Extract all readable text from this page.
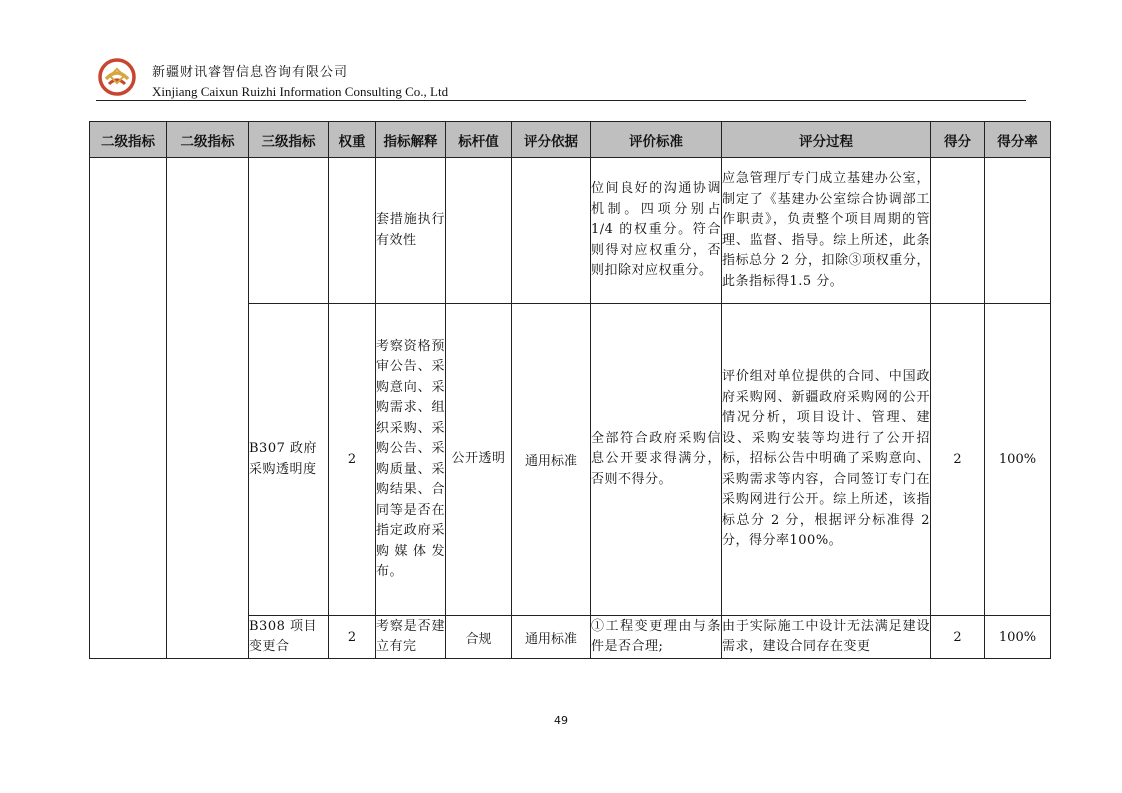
新疆财讯睿智信息咨询有限公司
Xinjiang Caixun Ruizhi Information Consulting Co., Ltd
二级指标	二级指标	三级指标	权重	指标解释	标杆值	评分依据	评价标准	评分过程	得分	得分率

				套措施执行有效性			位间良好的沟通协调机制。四项分别占 1/4 的权重分。符合则得对应权重分，否则扣除对应权重分。	应急管理厅专门成立基建办公室，制定了《基建办公室综合协调部工作职责》，负责整个项目周期的管理、监督、指导。综上所述，此条指标总分 2 分，扣除③项权重分，此条指标得1.5 分。		

		B307 政府采购透明度	2	考察资格预审公告、采购意向、采购需求、组织采购、采购公告、采购质量、采购结果、合同等是否在指定政府采购媒体发布。	公开透明	通用标准	全部符合政府采购信息公开要求得满分，否则不得分。	评价组对单位提供的合同、中国政府采购网、新疆政府采购网的公开情况分析，项目设计、管理、建设、采购安装等均进行了公开招标，招标公告中明确了采购意向、采购需求等内容，合同签订专门在采购网进行公开。综上所述，该指标总分 2 分，根据评分标准得 2 分，得分率100%。	2	100%

		B308 项目变更合	2	考察是否建立有完	合规	通用标准	①工程变更理由与条件是否合理;	由于实际施工中设计无法满足建设需求，建设合同存在变更	2	100%
49
